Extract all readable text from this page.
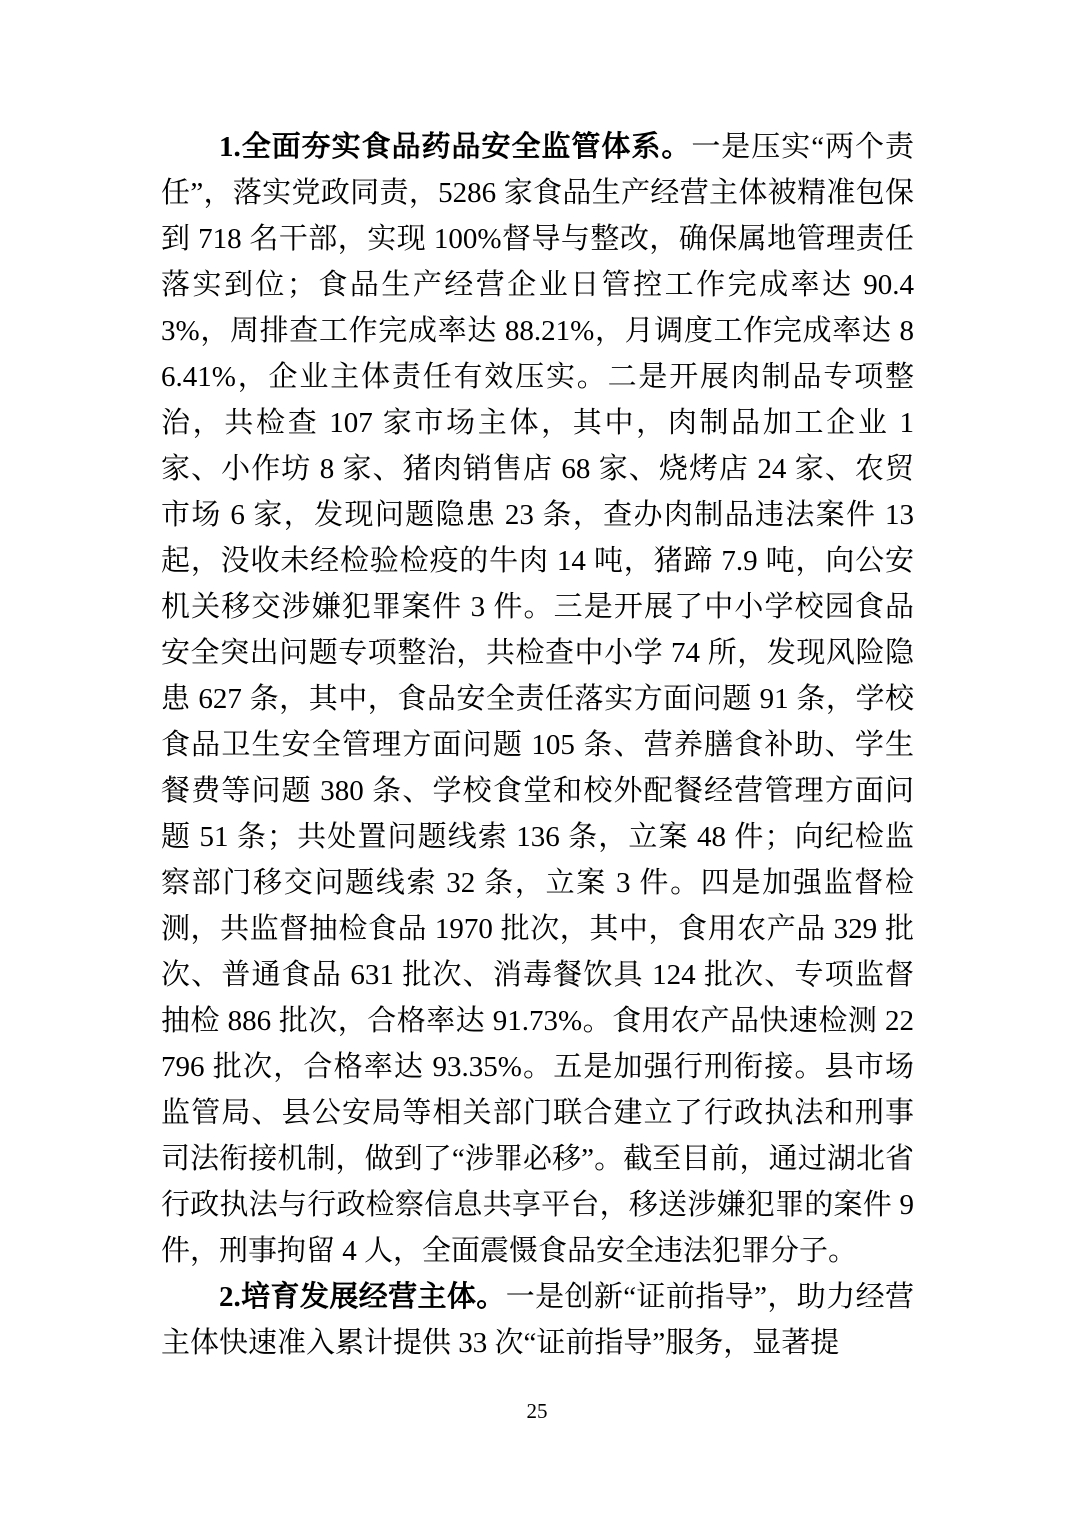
1.全面夯实食品药品安全监管体系。一是压实“两个责任”，落实党政同责，5286 家食品生产经营主体被精准包保到 718 名干部，实现 100%督导与整改，确保属地管理责任落实到位；食品生产经营企业日管控工作完成率达 90.43%，周排查工作完成率达 88.21%，月调度工作完成率达 86.41%，企业主体责任有效压实。二是开展肉制品专项整治，共检查 107 家市场主体，其中，肉制品加工企业 1 家、小作坊 8 家、猪肉销售店 68 家、烧烤店 24 家、农贸市场 6 家，发现问题隐患 23 条，查办肉制品违法案件 13 起，没收未经检验检疫的牛肉 14 吨，猪蹄 7.9 吨，向公安机关移交涉嫌犯罪案件 3 件。三是开展了中小学校园食品安全突出问题专项整治，共检查中小学 74 所，发现风险隐患 627 条，其中，食品安全责任落实方面问题 91 条，学校食品卫生安全管理方面问题 105 条、营养膳食补助、学生餐费等问题 380 条、学校食堂和校外配餐经营管理方面问题 51 条；共处置问题线索 136 条，立案 48 件；向纪检监察部门移交问题线索 32 条，立案 3 件。四是加强监督检测，共监督抽检食品 1970 批次，其中，食用农产品 329 批次、普通食品 631 批次、消毒餐饮具 124 批次、专项监督抽检 886 批次，合格率达 91.73%。食用农产品快速检测 22796 批次，合格率达 93.35%。五是加强行刑衔接。县市场监管局、县公安局等相关部门联合建立了行政执法和刑事司法衔接机制，做到了“涉罪必移”。截至目前，通过湖北省行政执法与行政检察信息共享平台，移送涉嫌犯罪的案件 9 件，刑事拘留 4 人，全面震慑食品安全违法犯罪分子。

2.培育发展经营主体。一是创新“证前指导”，助力经营主体快速准入累计提供 33 次“证前指导”服务，显著提

25
